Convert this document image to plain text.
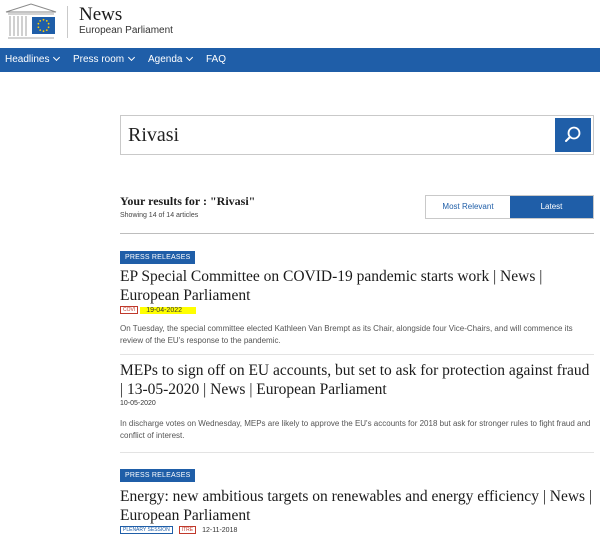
News
European Parliament
Headlines	Press room	Agenda	FAQ
Rivasi
Your results for : "Rivasi"
Showing 14 of 14 articles
Most Relevant	Latest
PRESS RELEASES
EP Special Committee on COVID-19 pandemic starts work | News | European Parliament
COVI 19-04-2022

On Tuesday, the special committee elected Kathleen Van Brempt as its Chair, alongside four Vice-Chairs, and will commence its review of the EU's response to the pandemic.

MEPs to sign off on EU accounts, but set to ask for protection against fraud | 13-05-2020 | News | European Parliament
10-05-2020

In discharge votes on Wednesday, MEPs are likely to approve the EU's accounts for 2018 but ask for stronger rules to fight fraud and conflict of interest.

PRESS RELEASES
Energy: new ambitious targets on renewables and energy efficiency | News | European Parliament
PLENARY SESSION ITRE 12-11-2018
